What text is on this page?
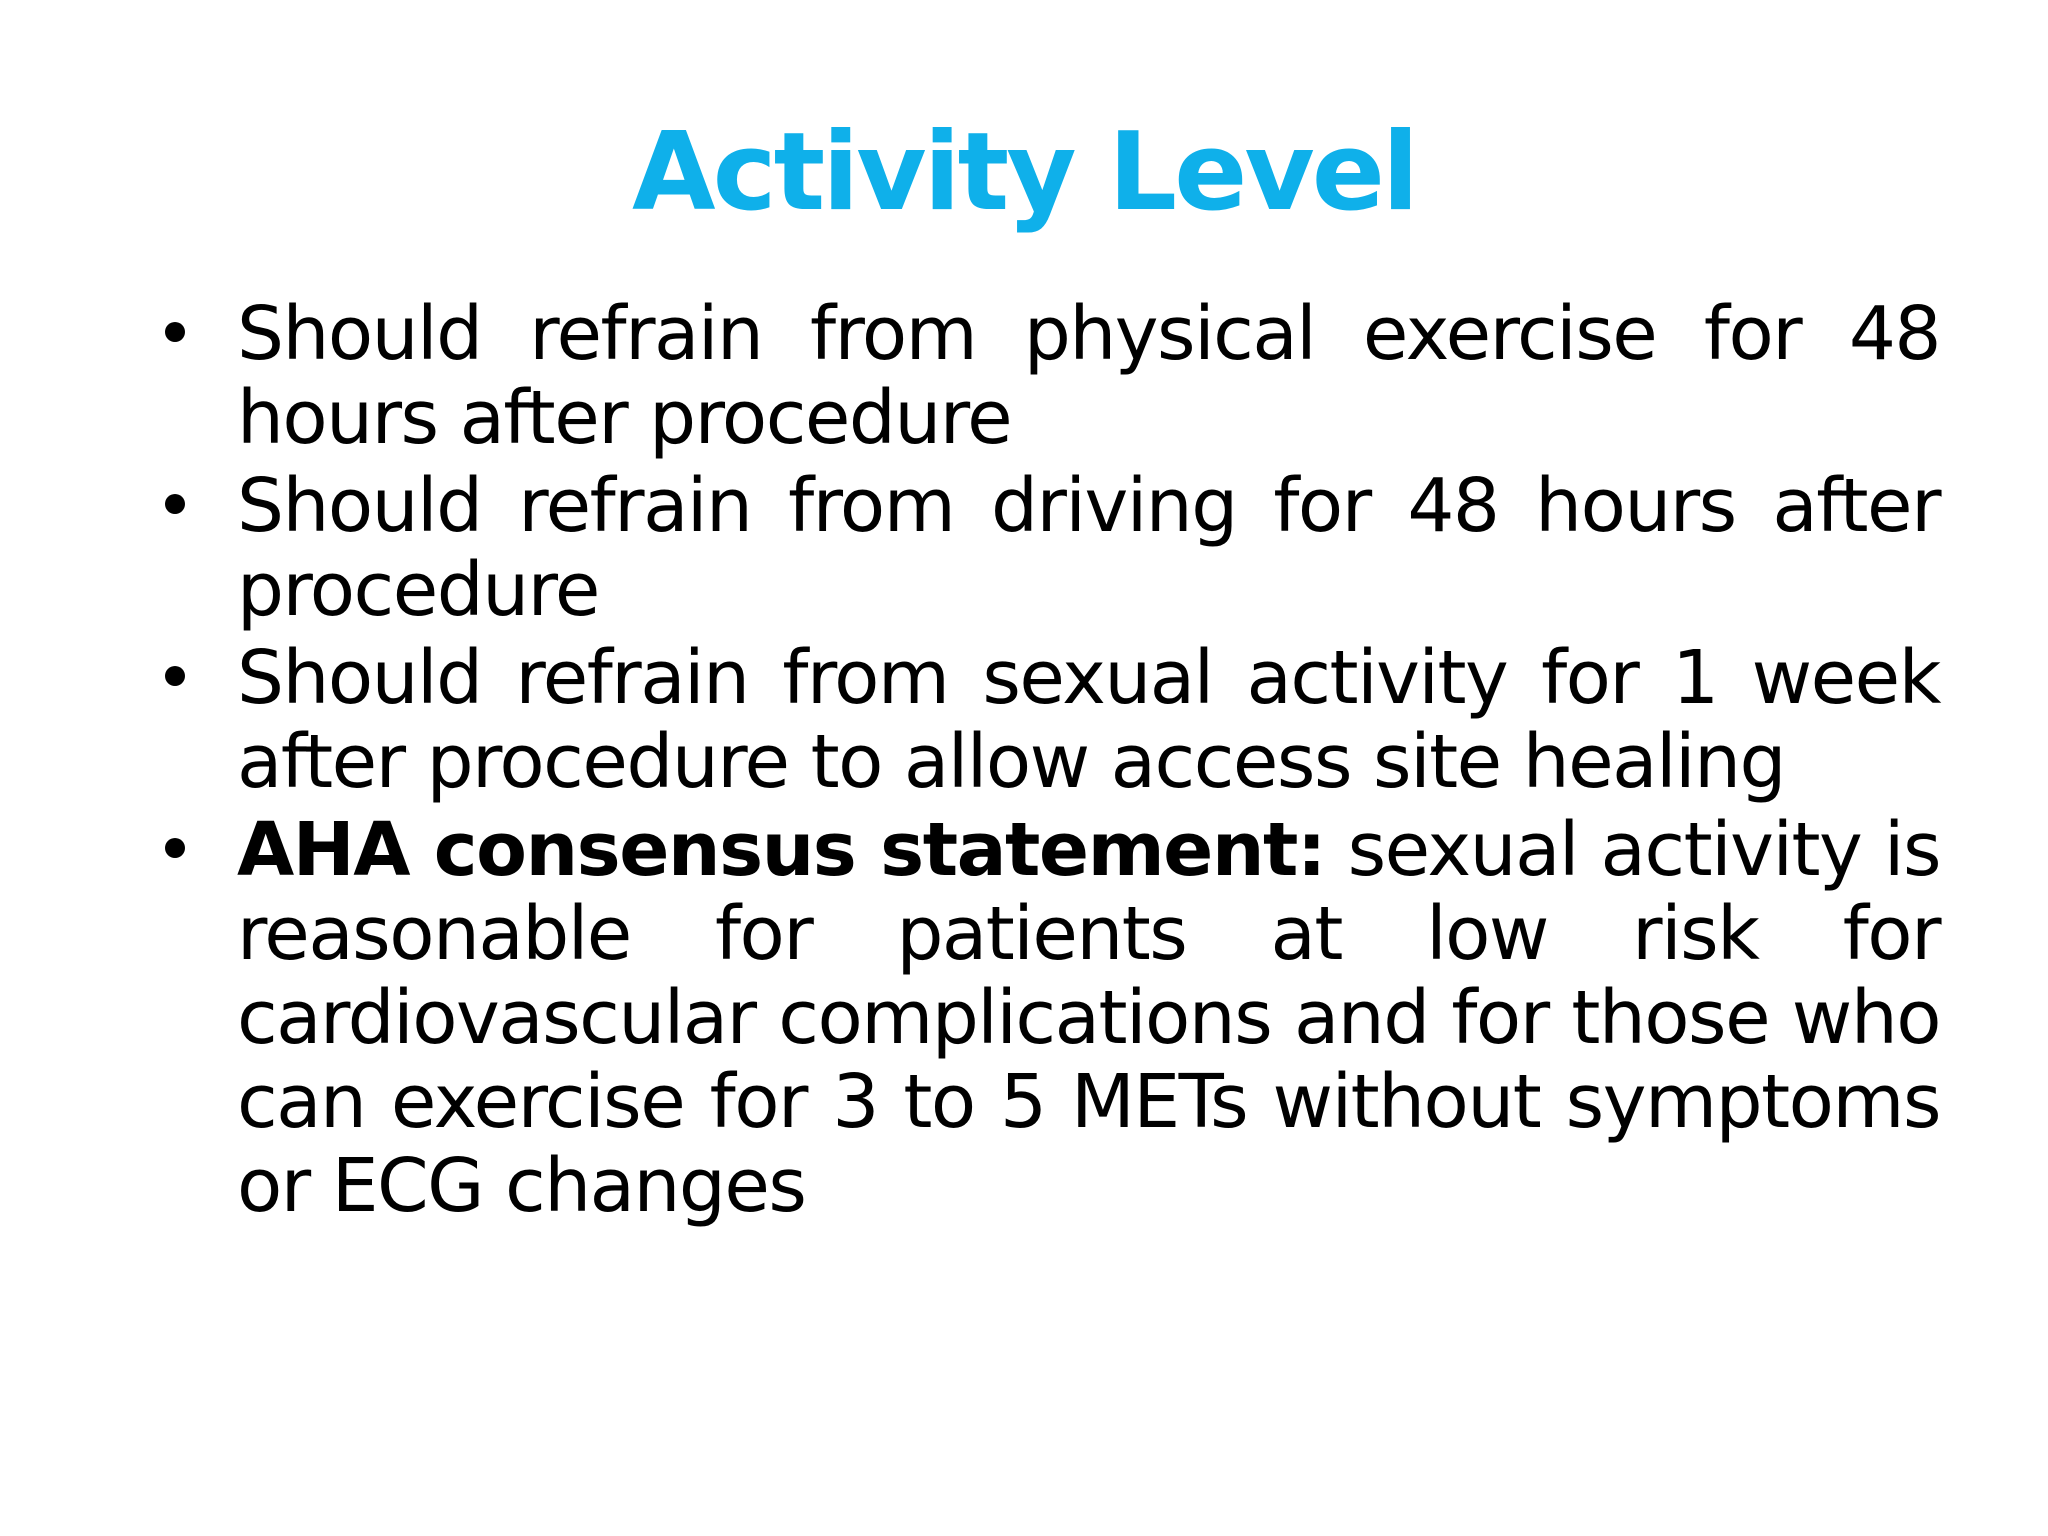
Activity Level
Should refrain from physical exercise for 48 hours after procedure
Should refrain from driving for 48 hours after procedure
Should refrain from sexual activity for 1 week after procedure to allow access site healing
AHA consensus statement: sexual activity is reasonable for patients at low risk for cardiovascular complications and for those who can exercise for 3 to 5 METs without symptoms or ECG changes
